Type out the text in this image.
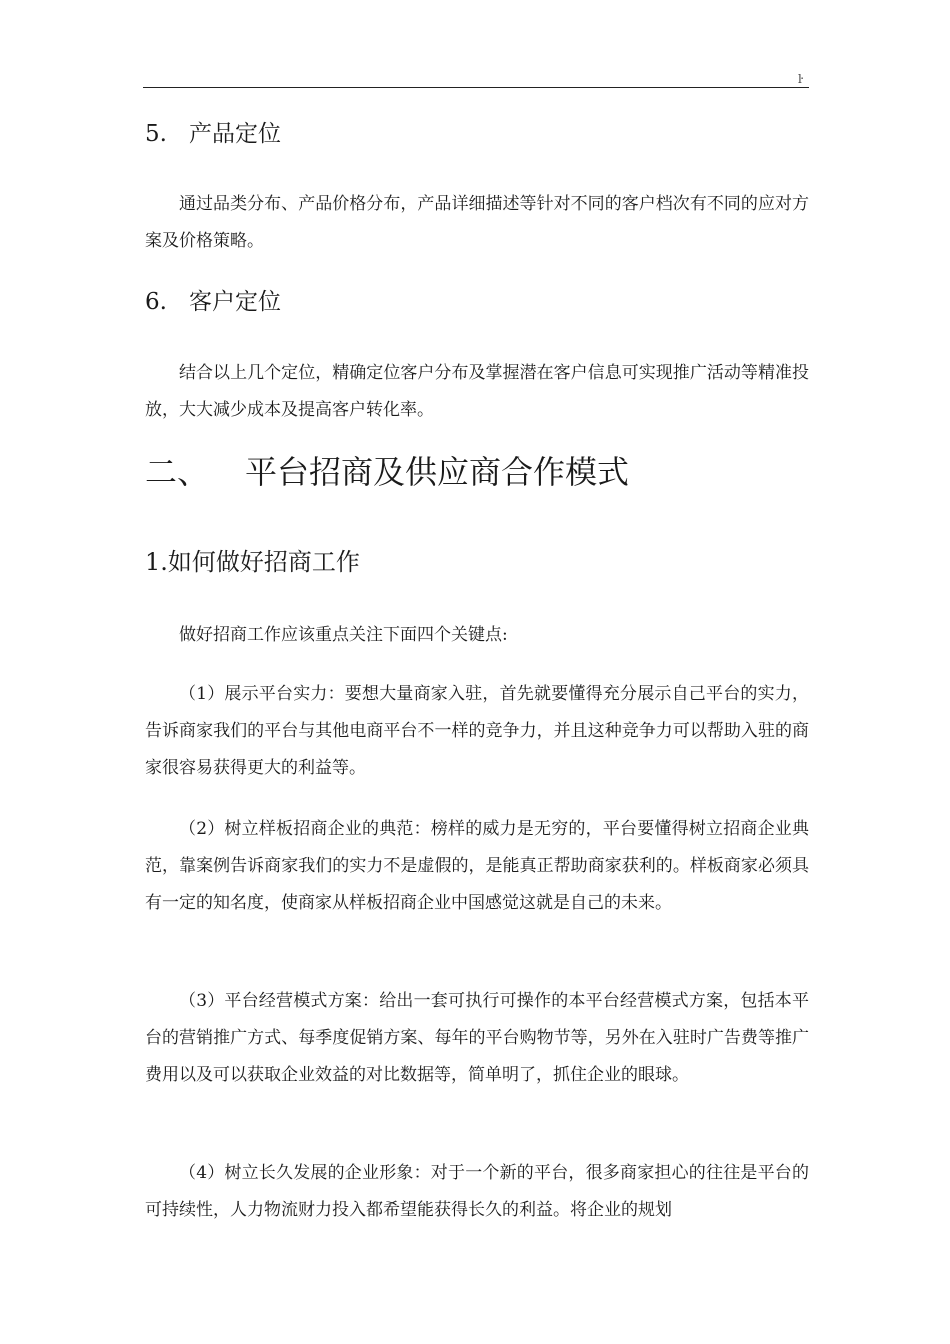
ŀ
5. 产品定位

通过品类分布、产品价格分布，产品详细描述等针对不同的客户档次有不同的应对方案及价格策略。

6. 客户定位

结合以上几个定位，精确定位客户分布及掌握潜在客户信息可实现推广活动等精准投放，大大减少成本及提高客户转化率。

二、 平台招商及供应商合作模式
1.如何做好招商工作

做好招商工作应该重点关注下面四个关键点:

（1）展示平台实力：要想大量商家入驻，首先就要懂得充分展示自己平台的实力，告诉商家我们的平台与其他电商平台不一样的竞争力，并且这种竞争力可以帮助入驻的商家很容易获得更大的利益等。

（2）树立样板招商企业的典范：榜样的威力是无穷的，平台要懂得树立招商企业典范，靠案例告诉商家我们的实力不是虚假的，是能真正帮助商家获利的。样板商家必须具有一定的知名度，使商家从样板招商企业中国感觉这就是自己的未来。

（3）平台经营模式方案：给出一套可执行可操作的本平台经营模式方案，包括本平台的营销推广方式、每季度促销方案、每年的平台购物节等，另外在入驻时广告费等推广费用以及可以获取企业效益的对比数据等，简单明了，抓住企业的眼球。

（4）树立长久发展的企业形象：对于一个新的平台，很多商家担心的往往是平台的可持续性，人力物流财力投入都希望能获得长久的利益。将企业的规划
